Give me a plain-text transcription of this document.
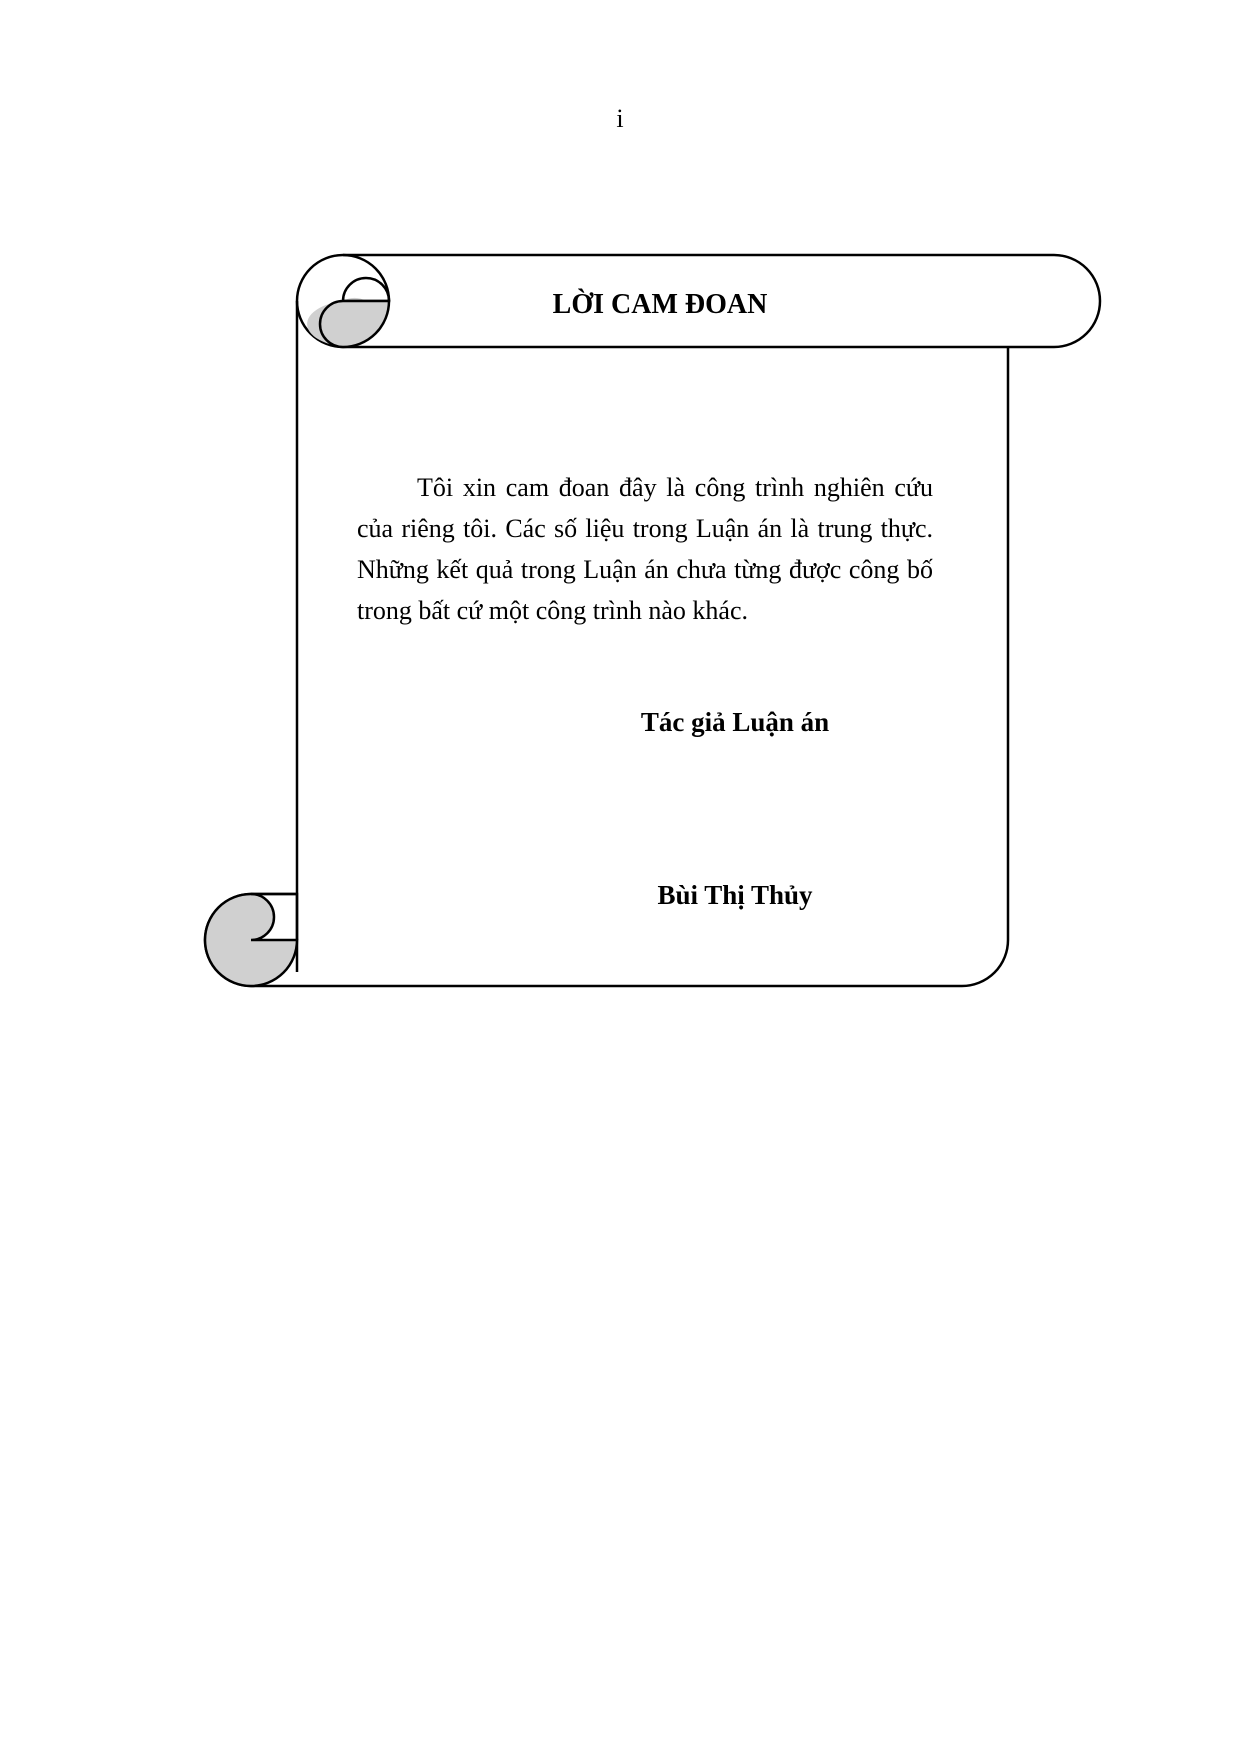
i
LỜI CAM ĐOAN

Tôi xin cam đoan đây là công trình nghiên cứu của riêng tôi. Các số liệu trong Luận án là trung thực. Những kết quả trong Luận án chưa từng được công bố trong bất cứ một công trình nào khác.

Tác giả Luận án
Bùi Thị Thủy
